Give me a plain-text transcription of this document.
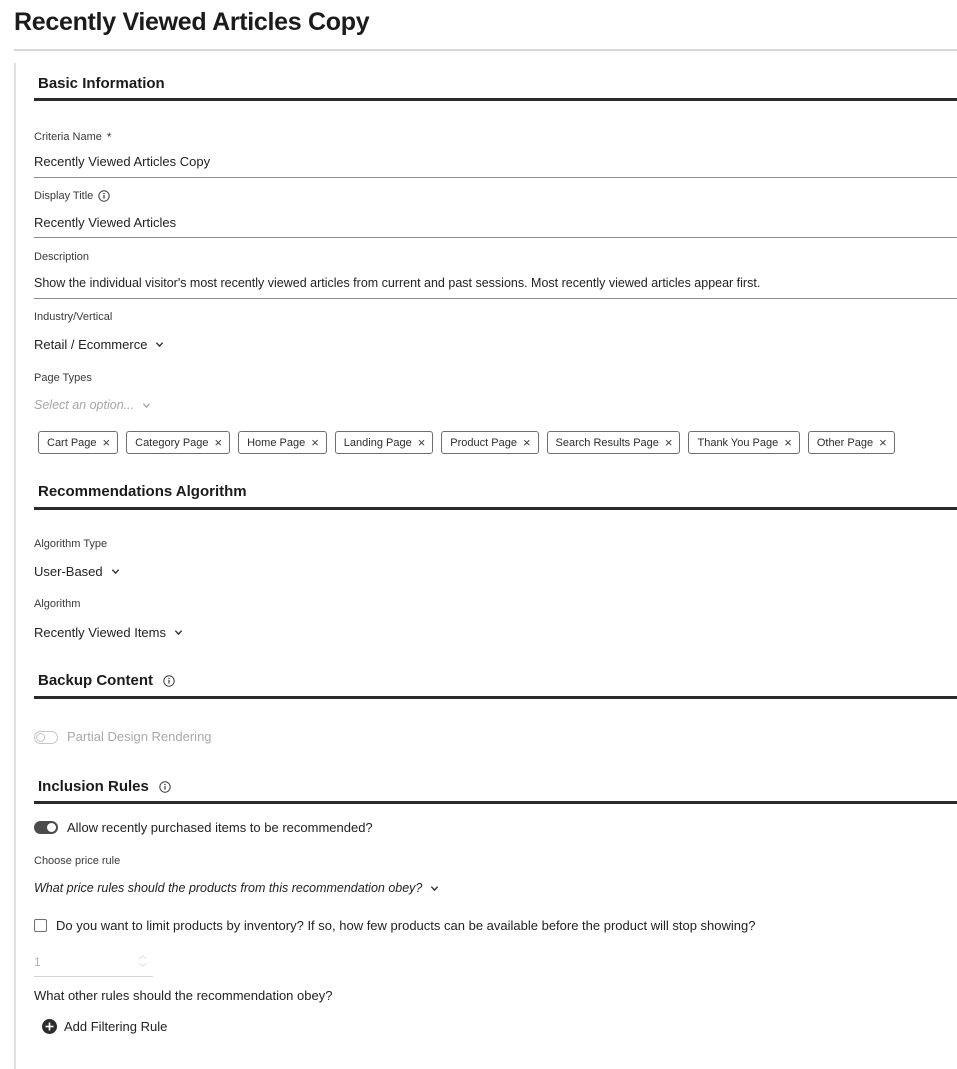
Recently Viewed Articles Copy
Basic Information
Criteria Name *
Recently Viewed Articles Copy
Display Title
Recently Viewed Articles
Description
Show the individual visitor's most recently viewed articles from current and past sessions. Most recently viewed articles appear first.
Industry/Vertical
Retail / Ecommerce
Page Types
Select an option...
Cart Page × Category Page × Home Page × Landing Page × Product Page × Search Results Page × Thank You Page × Other Page ×
Recommendations Algorithm
Algorithm Type
User-Based
Algorithm
Recently Viewed Items
Backup Content
Partial Design Rendering
Inclusion Rules
Allow recently purchased items to be recommended?
Choose price rule
What price rules should the products from this recommendation obey?
Do you want to limit products by inventory? If so, how few products can be available before the product will stop showing?
1	︿
﹀
What other rules should the recommendation obey?
Add Filtering Rule
